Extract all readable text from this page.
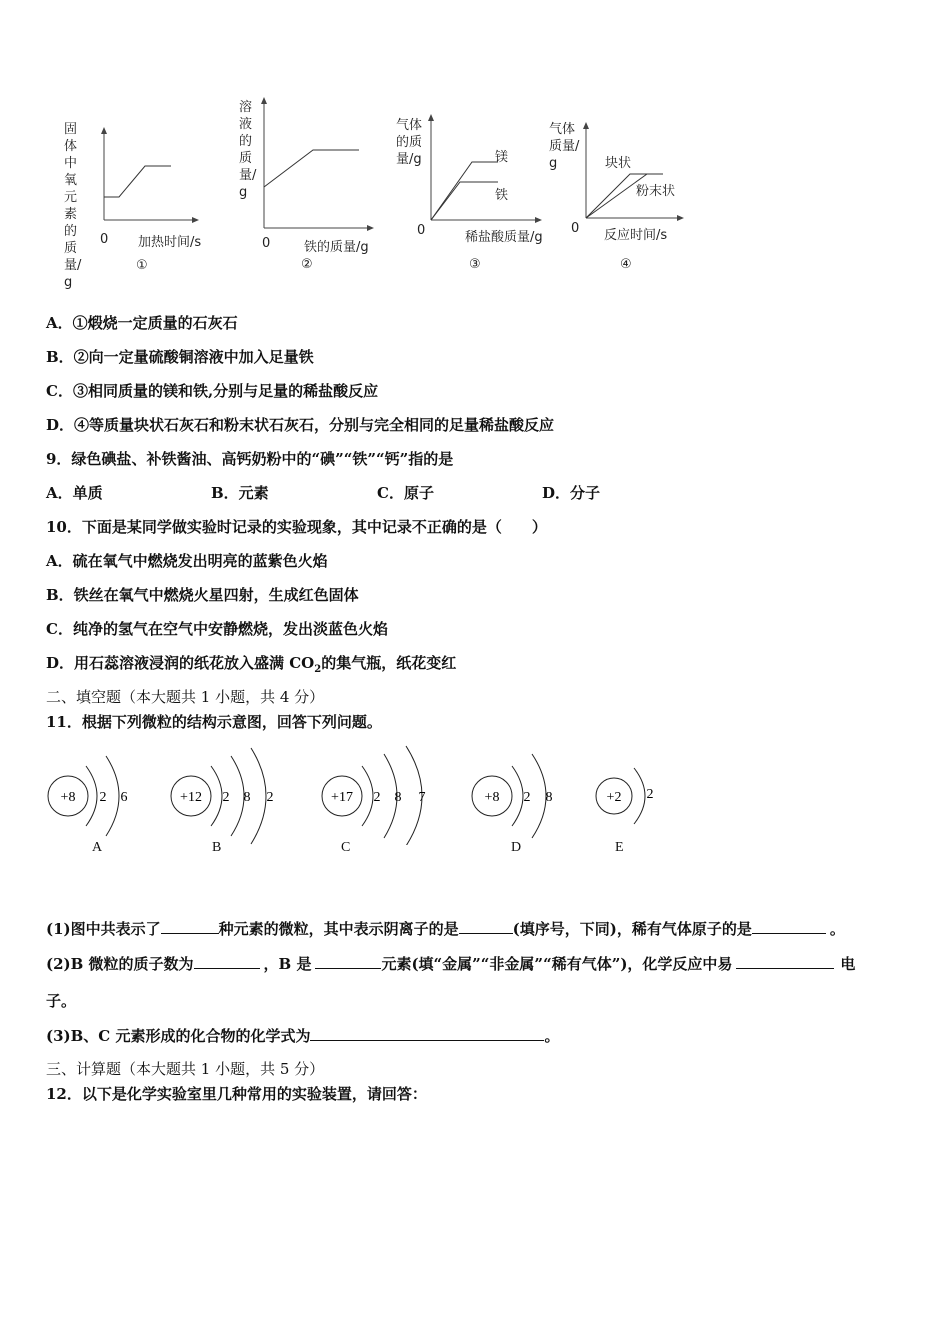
固体中氧元素的质量/g
0 加热时间/s
①
溶液的质量/g
0	铁的质量/g
②
气体的质量/g	镁
铁
0	稀盐酸质量/g
③
气体质量/g	块状
粉末状
0 反应时间/s
④
A．①煅烧一定质量的石灰石
B．②向一定量硫酸铜溶液中加入足量铁
C．③相同质量的镁和铁,分别与足量的稀盐酸反应
D．④等质量块状石灰石和粉末状石灰石，分别与完全相同的足量稀盐酸反应
9．绿色碘盐、补铁酱油、高钙奶粉中的“碘”“铁”“钙”指的是
A．单质	B．元素	C．原子	D．分子
10．下面是某同学做实验时记录的实验现象，其中记录不正确的是（　　）
A．硫在氧气中燃烧发出明亮的蓝紫色火焰
B．铁丝在氧气中燃烧火星四射，生成红色固体
C．纯净的氢气在空气中安静燃烧，发出淡蓝色火焰
D．用石蕊溶液浸润的纸花放入盛满 $CO_2$的集气瓶，纸花变红
二、填空题（本大题共 1 小题，共 4 分）
11．根据下列微粒的结构示意图，回答下列问题。
+8 2 6	+12 2 8 2	+17 2 8 7	+8 2 8	+2 2
A	B	C	D	E
(1)图中共表示了	种元素的微粒，其中表示阴离子的是	(填序号，下同)，稀有气体原子的是	。
(2)B 微粒的质子数为	，B 是	元素(填“金属”“非金属”“稀有气体”)，化学反应中易	电
子。
(3)B、C 元素形成的化合物的化学式为	。
三、计算题（本大题共 1 小题，共 5 分）
12．以下是化学实验室里几种常用的实验装置，请回答：
